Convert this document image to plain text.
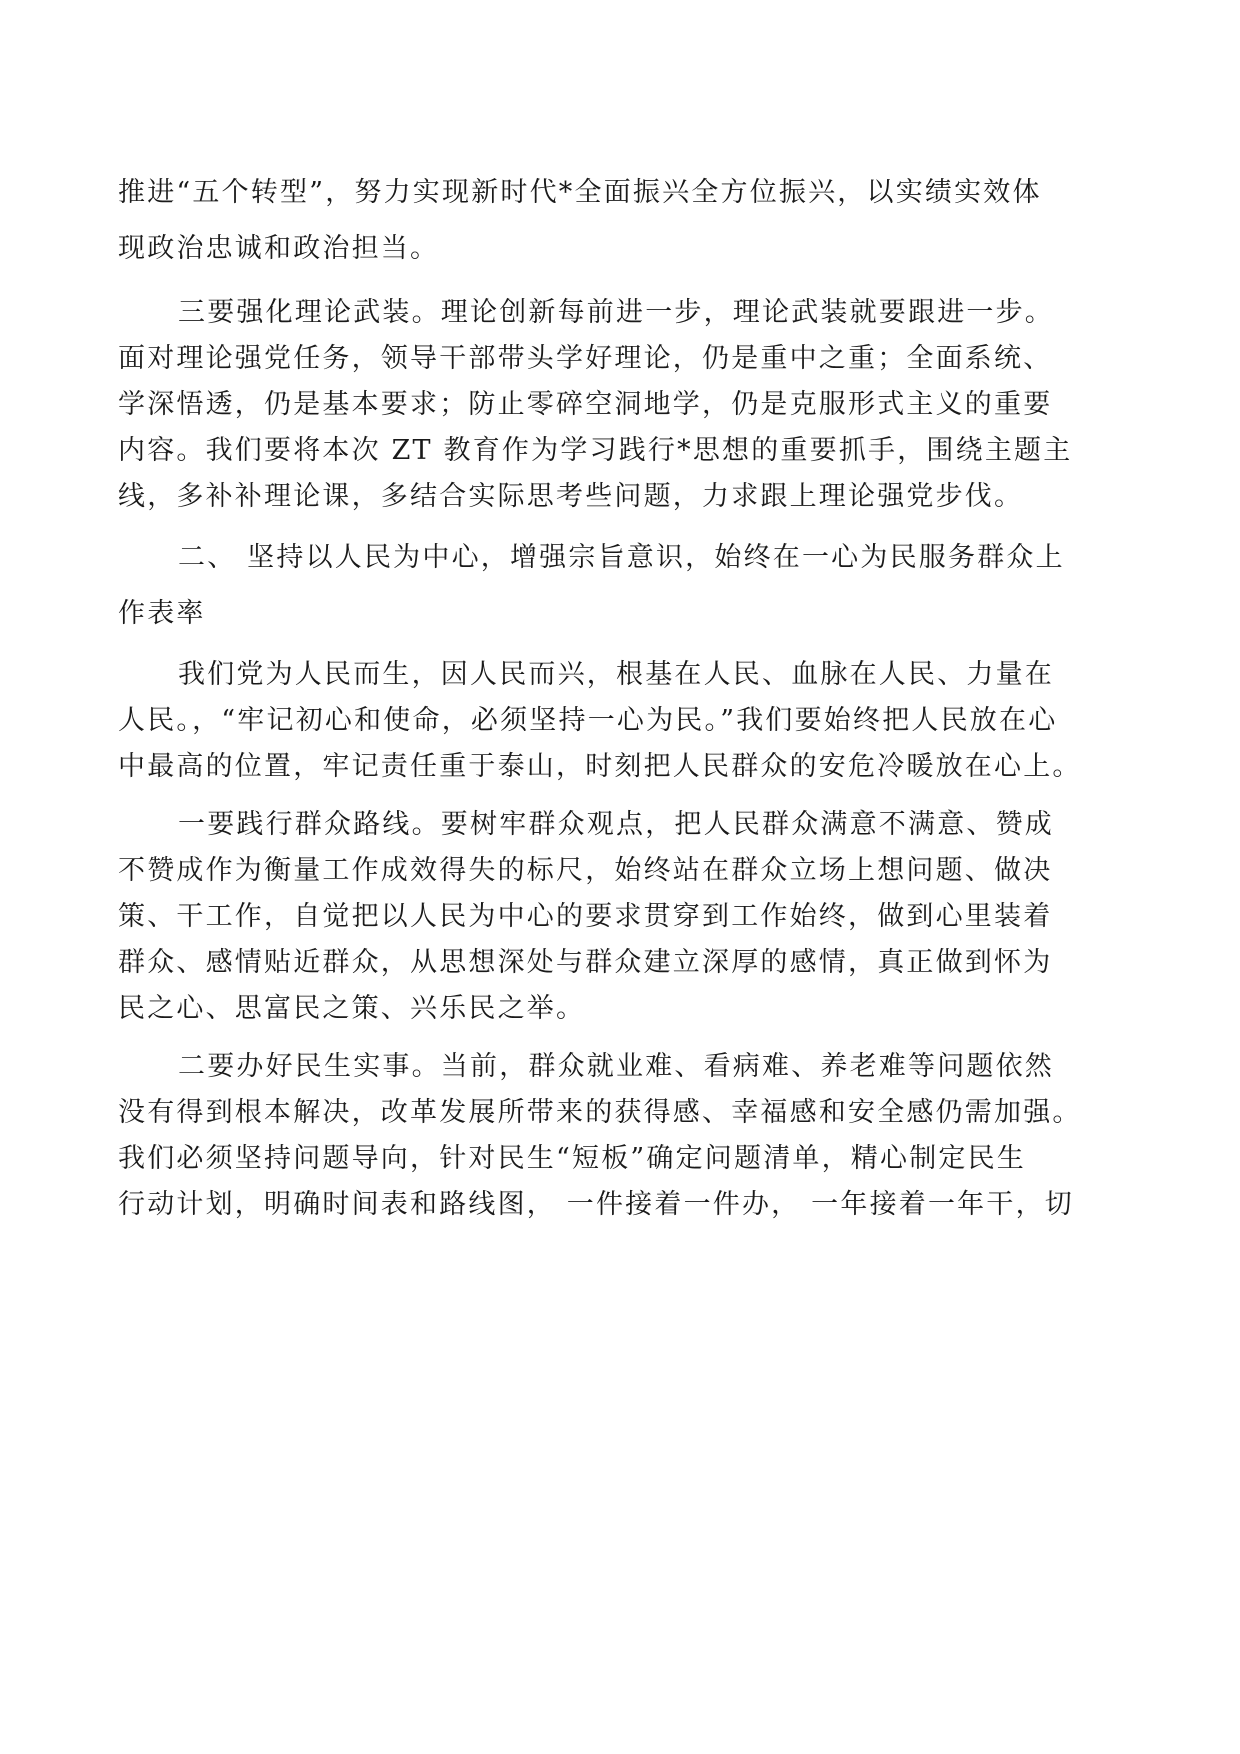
推进“五个转型”，努力实现新时代*全面振兴全方位振兴，以实绩实效体
现政治忠诚和政治担当。
三要强化理论武装。理论创新每前进一步，理论武装就要跟进一步。
面对理论强党任务，领导干部带头学好理论，仍是重中之重；全面系统、
学深悟透，仍是基本要求；防止零碎空洞地学，仍是克服形式主义的重要
内容。我们要将本次 ZT 教育作为学习践行*思想的重要抓手，围绕主题主
线，多补补理论课，多结合实际思考些问题，力求跟上理论强党步伐。
二、 坚持以人民为中心，增强宗旨意识，始终在一心为民服务群众上
作表率
我们党为人民而生，因人民而兴，根基在人民、血脉在人民、力量在
人民。，“牢记初心和使命，必须坚持一心为民。”我们要始终把人民放在心
中最高的位置，牢记责任重于泰山，时刻把人民群众的安危冷暖放在心上。
一要践行群众路线。要树牢群众观点，把人民群众满意不满意、赞成
不赞成作为衡量工作成效得失的标尺，始终站在群众立场上想问题、做决
策、干工作，自觉把以人民为中心的要求贯穿到工作始终，做到心里装着
群众、感情贴近群众，从思想深处与群众建立深厚的感情，真正做到怀为
民之心、思富民之策、兴乐民之举。
二要办好民生实事。当前，群众就业难、看病难、养老难等问题依然
没有得到根本解决，改革发展所带来的获得感、幸福感和安全感仍需加强。
我们必须坚持问题导向，针对民生“短板”确定问题清单，精心制定民生
行动计划，明确时间表和路线图， 一件接着一件办， 一年接着一年干，切
